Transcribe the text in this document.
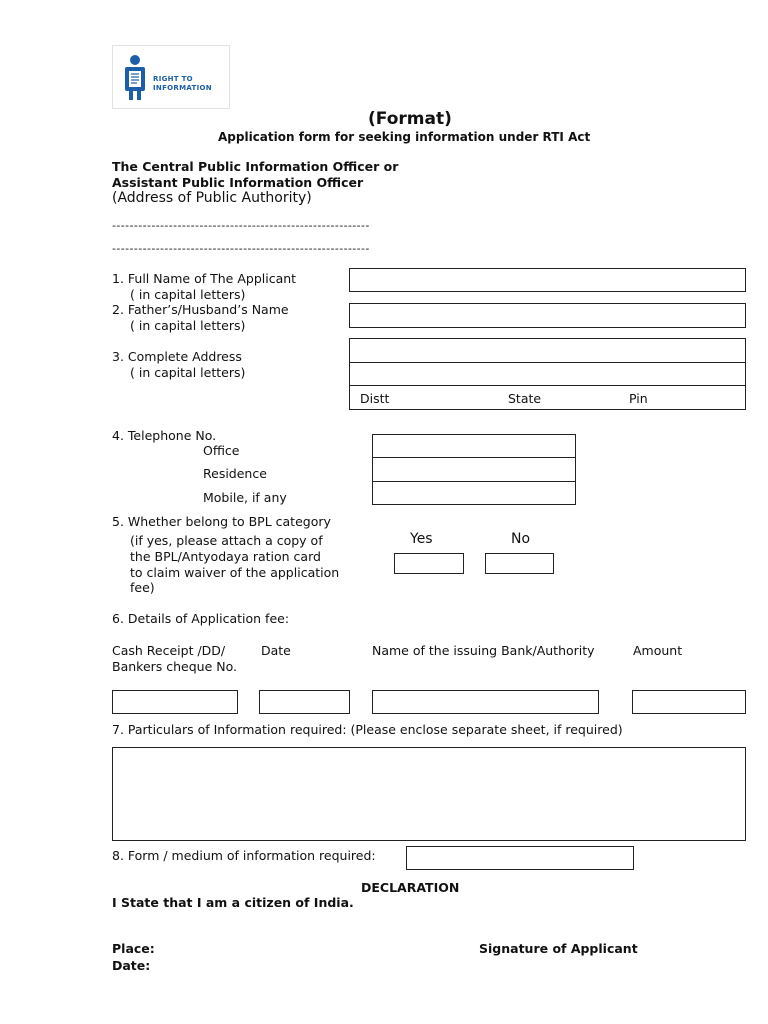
RIGHT TO
INFORMATION
(Format)
Application form for seeking information under RTI Act
The Central Public Information Officer or
Assistant Public Information Officer
(Address of Public Authority)
-----------------------------------------------------------
-----------------------------------------------------------
1. Full Name of The Applicant
( in capital letters)
2. Father’s/Husband’s Name
( in capital letters)
3. Complete Address
( in capital letters)
Distt	State	Pin
4. Telephone No.
Office
Residence
Mobile, if any
5. Whether belong to BPL category
(if yes, please attach a copy of
the BPL/Antyodaya ration card
to claim waiver of the application
fee)
Yes	No
6. Details of Application fee:
Cash Receipt /DD/
Bankers cheque No.
Date	Name of the issuing Bank/Authority	Amount
7. Particulars of Information required: (Please enclose separate sheet, if required)
8. Form / medium of information required:
DECLARATION
I State that I am a citizen of India.
Place:
Date:
Signature of Applicant
